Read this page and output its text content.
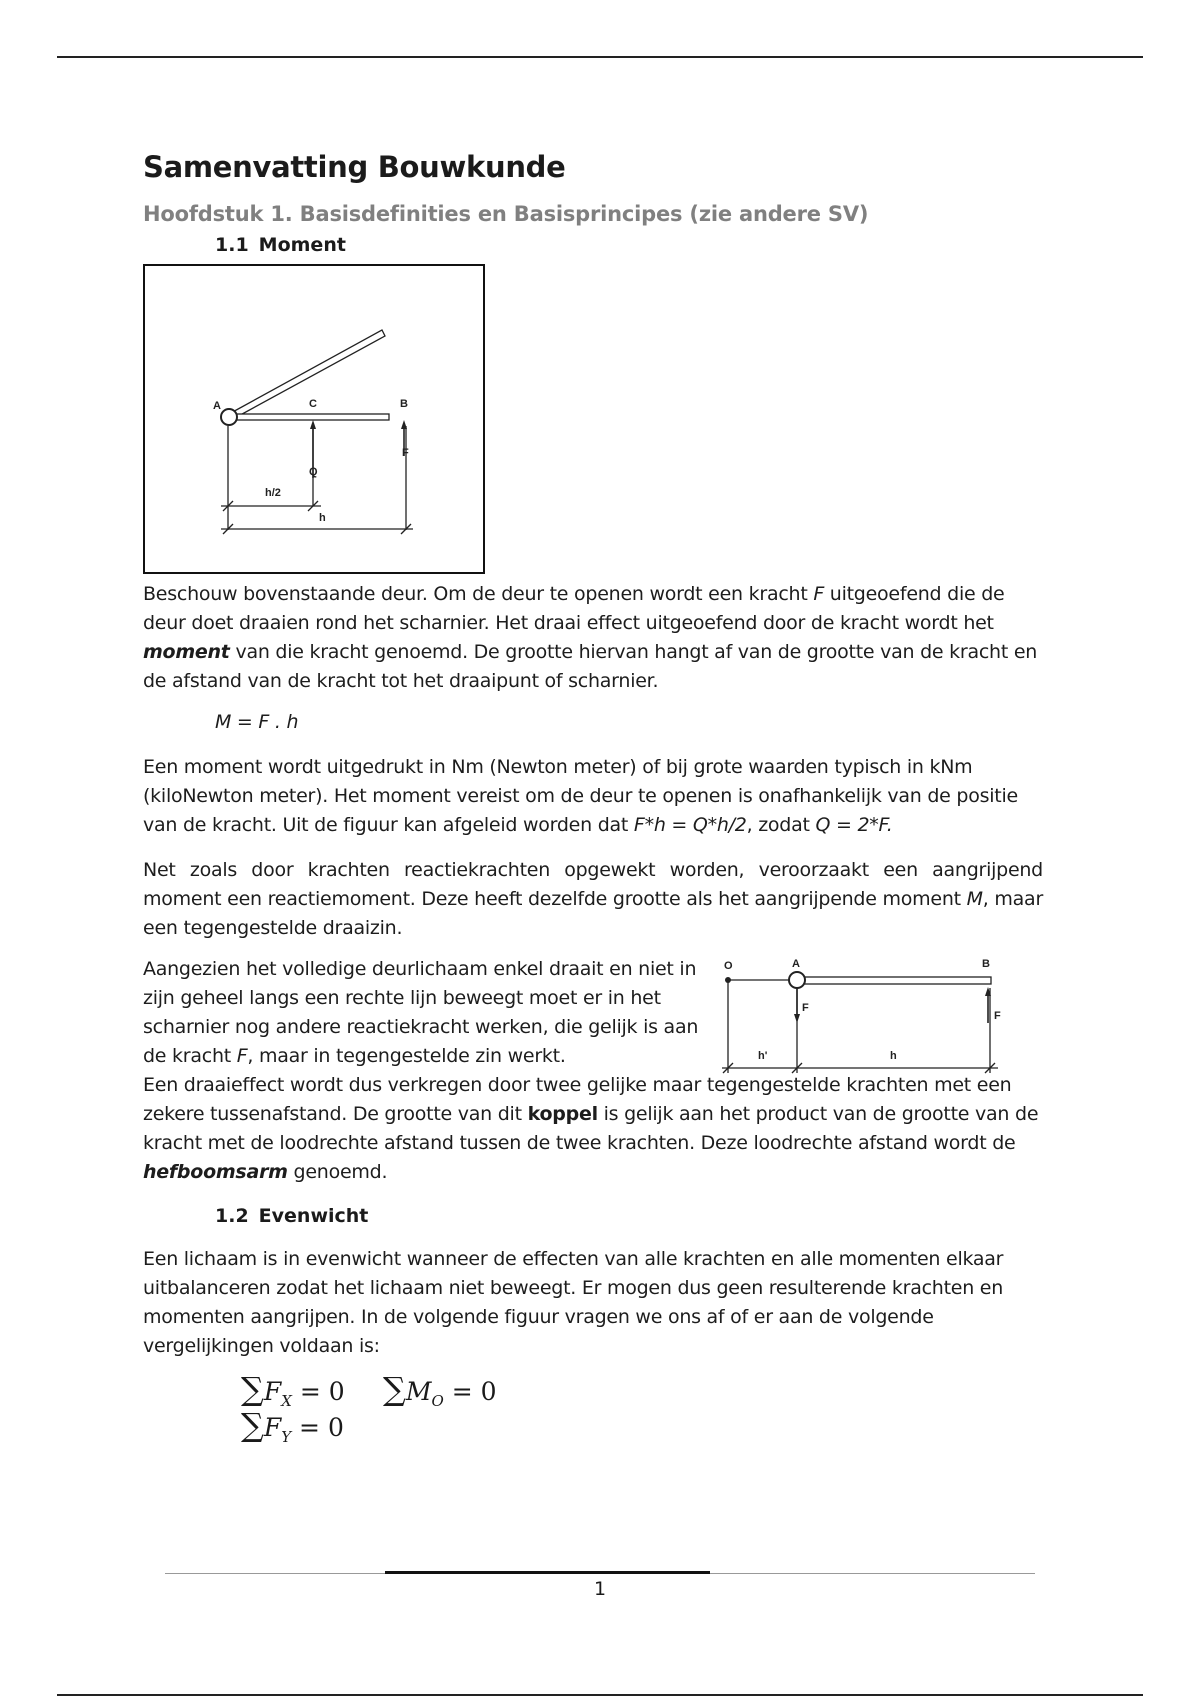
Samenvatting Bouwkunde
Hoofdstuk 1. Basisdefinities en Basisprincipes (zie andere SV)
1.1 Moment
A	C	B
F
Q
h/2
h

Beschouw bovenstaande deur. Om de deur te openen wordt een kracht F uitgeoefend die de deur doet draaien rond het scharnier. Het draai effect uitgeoefend door de kracht wordt het moment van die kracht genoemd. De grootte hiervan hangt af van de grootte van de kracht en de afstand van de kracht tot het draaipunt of scharnier.

M = F . h

Een moment wordt uitgedrukt in Nm (Newton meter) of bij grote waarden typisch in kNm (kiloNewton meter). Het moment vereist om de deur te openen is onafhankelijk van de positie van de kracht. Uit de figuur kan afgeleid worden dat F*h = Q*h/2, zodat Q = 2*F.

Net zoals door krachten reactiekrachten opgewekt worden, veroorzaakt een aangrijpend moment een reactiemoment. Deze heeft dezelfde grootte als het aangrijpende moment M, maar een tegengestelde draaizin.

Aangezien het volledige deurlichaam enkel draait en niet in zijn geheel langs een rechte lijn beweegt moet er in het scharnier nog andere reactiekracht werken, die gelijk is aan de kracht F, maar in tegengestelde zin werkt.

O	A	B
F
F
h'	h

Een draaieffect wordt dus verkregen door twee gelijke maar tegengestelde krachten met een zekere tussenafstand. De grootte van dit koppel is gelijk aan het product van de grootte van de kracht met de loodrechte afstand tussen de twee krachten. Deze loodrechte afstand wordt de hefboomsarm genoemd.

1.2 Evenwicht

Een lichaam is in evenwicht wanneer de effecten van alle krachten en alle momenten elkaar uitbalanceren zodat het lichaam niet beweegt. Er mogen dus geen resulterende krachten en momenten aangrijpen. In de volgende figuur vragen we ons af of er aan de volgende vergelijkingen voldaan is:

$\sum F_X = 0$ $\sum M_O = 0$
$\sum F_Y = 0$
1
